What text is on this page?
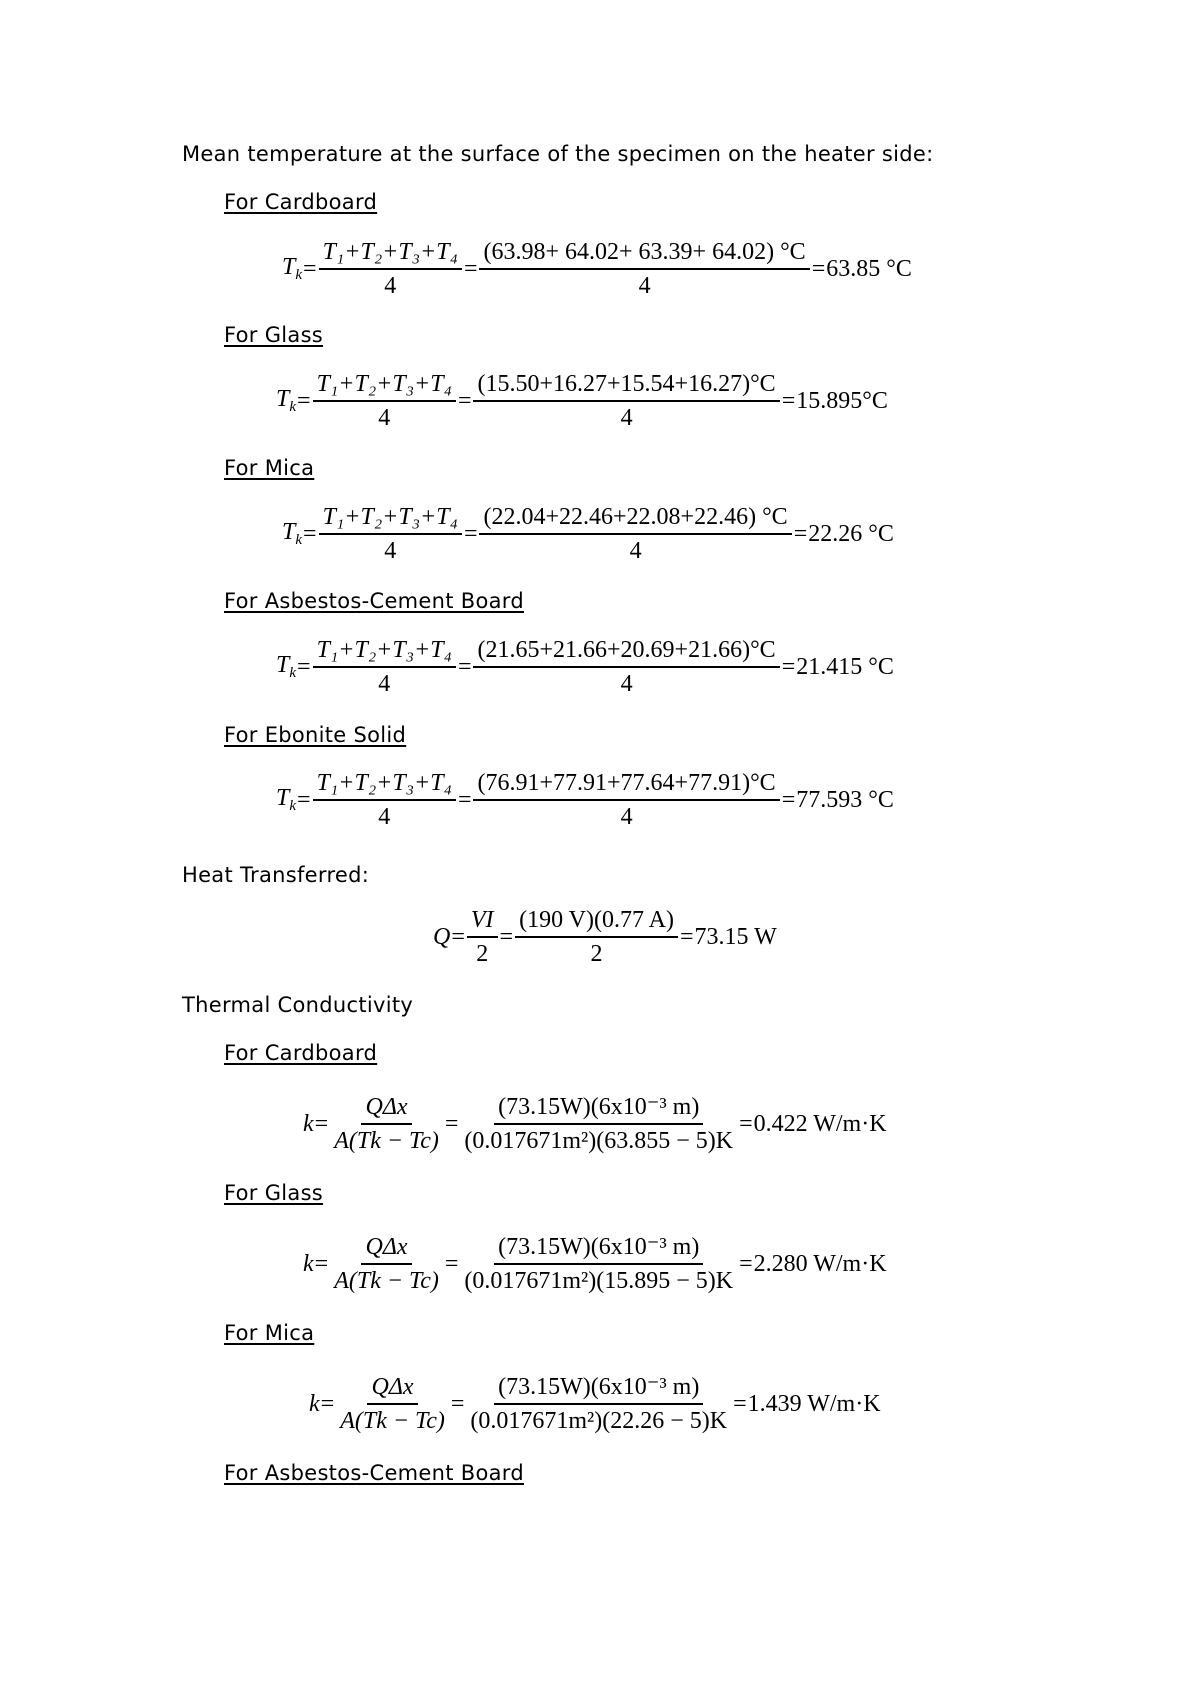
Mean temperature at the surface of the specimen on the heater side:
For Cardboard
$T_k = \frac{\text{T₁+T₂+T₃+T₄}}{4} = \frac{(63.98+ 64.02+ 63.39+ 64.02) ^\circ C}{4} = 63.85$ °C
For Glass
$T_k = \frac{\text{T₁+T₂+T₃+T₄}}{4} = \frac{(15.50+16.27+15.54+16.27)^\circ C}{4} = 15.895^\circ C$
For Mica
$T_k = \frac{\text{T₁+T₂+T₃+T₄}}{4} = \frac{(22.04+22.46+22.08+22.46) ^\circ C}{4} = 22.26$ °C
For Asbestos-Cement Board
$T_k = \frac{\text{T₁+T₂+T₃+T₄}}{4} = \frac{(21.65+21.66+20.69+21.66)^\circ C}{4} = 21.415$ °C
For Ebonite Solid
$T_k = \frac{\text{T₁+T₂+T₃+T₄}}{4} = \frac{(76.91+77.91+77.64+77.91)^\circ C}{4} = 77.593$ °C
Heat Transferred:
$Q = \frac{VI}{2} = \frac{(190 V)(0.77 A)}{2} = 73.15$ W
Thermal Conductivity
For Cardboard
$k = \frac{\text{QΔx}}{A(Tk - Tc)} = \frac{\text{(73.15W)(6x10⁻³ m)}}{\text{(0.017671m²)(63.855 − 5)K}} = 0.422$ W/m·K
For Glass
$k = \frac{\text{QΔx}}{A(Tk - Tc)} = \frac{\text{(73.15W)(6x10⁻³ m)}}{\text{(0.017671m²)(15.895 − 5)K}} = 2.280$ W/m·K
For Mica
$k = \frac{\text{QΔx}}{A(Tk - Tc)} = \frac{\text{(73.15W)(6x10⁻³ m)}}{\text{(0.017671m²)(22.26 − 5)K}} = 1.439$ W/m·K
For Asbestos-Cement Board
